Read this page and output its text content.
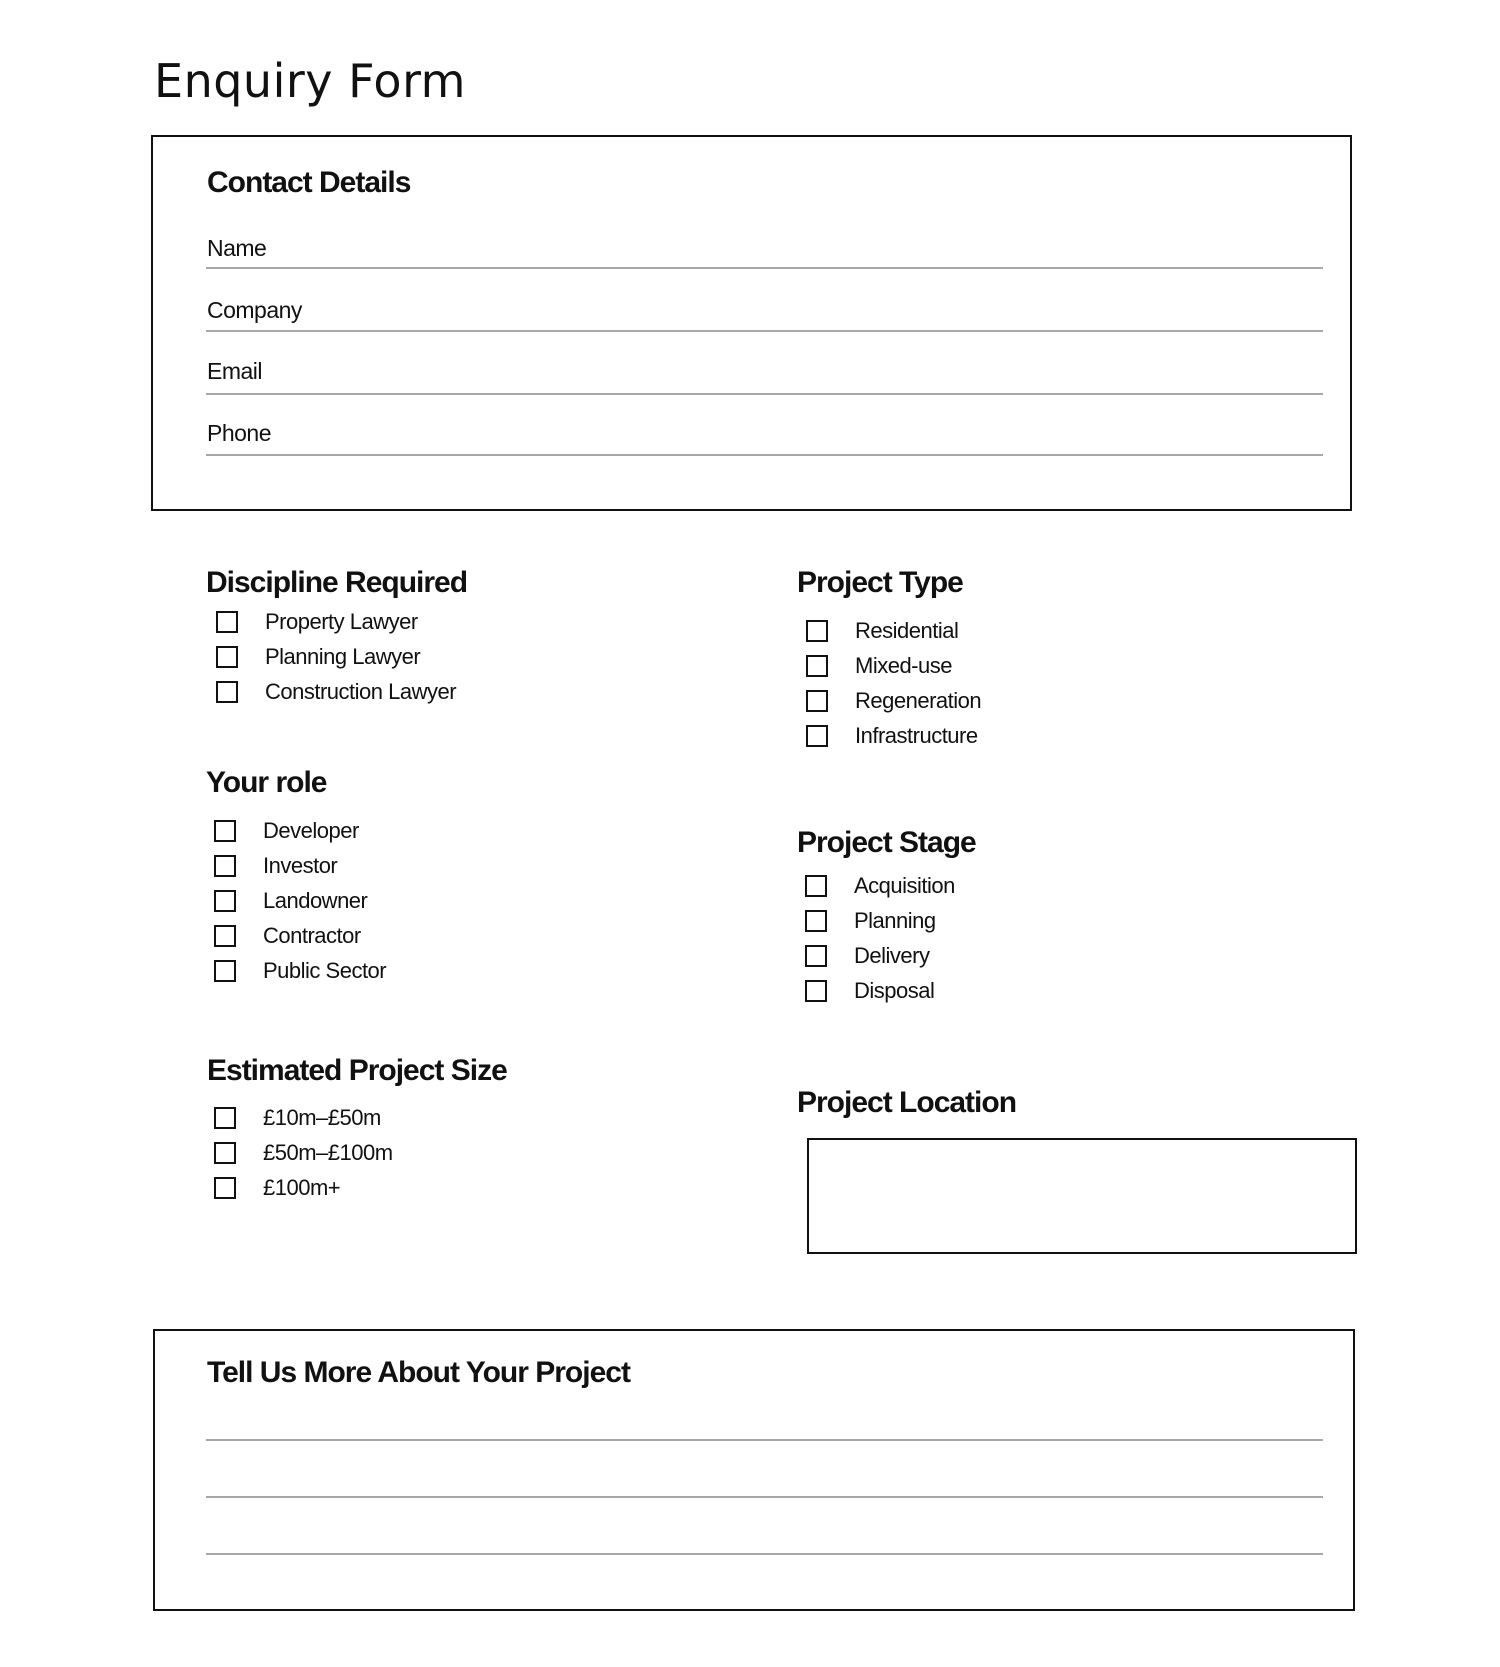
Enquiry Form
Contact Details
Name
Company
Email
Phone
Discipline Required
Property Lawyer
Planning Lawyer
Construction Lawyer
Project Type
Residential
Mixed-use
Regeneration
Infrastructure
Your role
Developer
Investor
Landowner
Contractor
Public Sector
Project Stage
Acquisition
Planning
Delivery
Disposal
Estimated Project Size
£10m–£50m
£50m–£100m
£100m+
Project Location
Tell Us More About Your Project
